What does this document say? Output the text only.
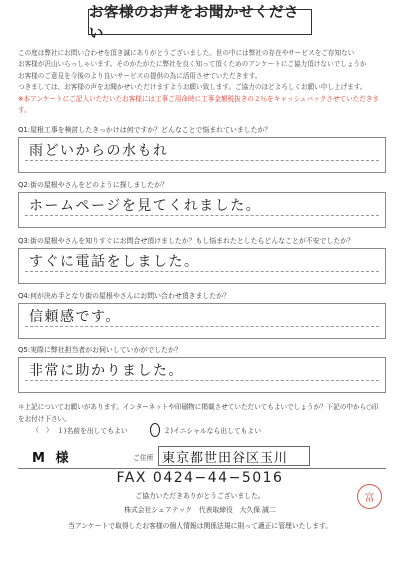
お客様のお声をお聞かせください

この度は弊社にお問い合わせを頂き誠にありがとうございました。世の中には弊社の存在やサービスをご存知ない

お客様が沢山いらっしゃいます。そのかたがたに弊社を良く知って頂くためのアンケートにご協力頂けないでしょうか

お客様のご意見を今後のより良いサービスの提供の為に活用させていただきます。

つきましては、お客様の声をお聞かせいただけますようお願い致します。ご協力のほどよろしくお願い申し上げます。

※本アンケートにご記入いただいたお客様には工事ご用命時に工事金額税抜きの２％をキャッシュバックさせていただきます。

Q1:屋根工事を検討したきっかけは何ですか？どんなことで悩まれていましたか？
雨どいからの水もれ
Q2:街の屋根やさんをどのように探しましたか？
ホームページを見てくれました。
Q3:街の屋根やさんを知りすぐにお問合せ頂けましたか？もし悩まれたとしたらどんなことが不安でしたか？
すぐに電話をしました。
Q4:何が決め手となり街の屋根やさんにお問い合わせ頂きましたか？
信頼感です。
Q5:実際に弊社担当者がお伺いしていかがでしたか？
非常に助かりました。

＊上記についてお願いがあります。インターネットや印刷物に掲載させていただいてもよいでしょうか？下記の中から○印

をお付け下さい。

（　） １)名前を出してもよい	２)イニシャルなら出してもよい
M 様	ご住所 東京都世田谷区玉川
FAX 0424−44−5016
ご協力いただきありがとうございました。
株式会社シェアテック　代表取締役　大久保 誠二
当アンケートで取得したお客様の個人情報は関係法規に則って適正に管理いたします。
富
